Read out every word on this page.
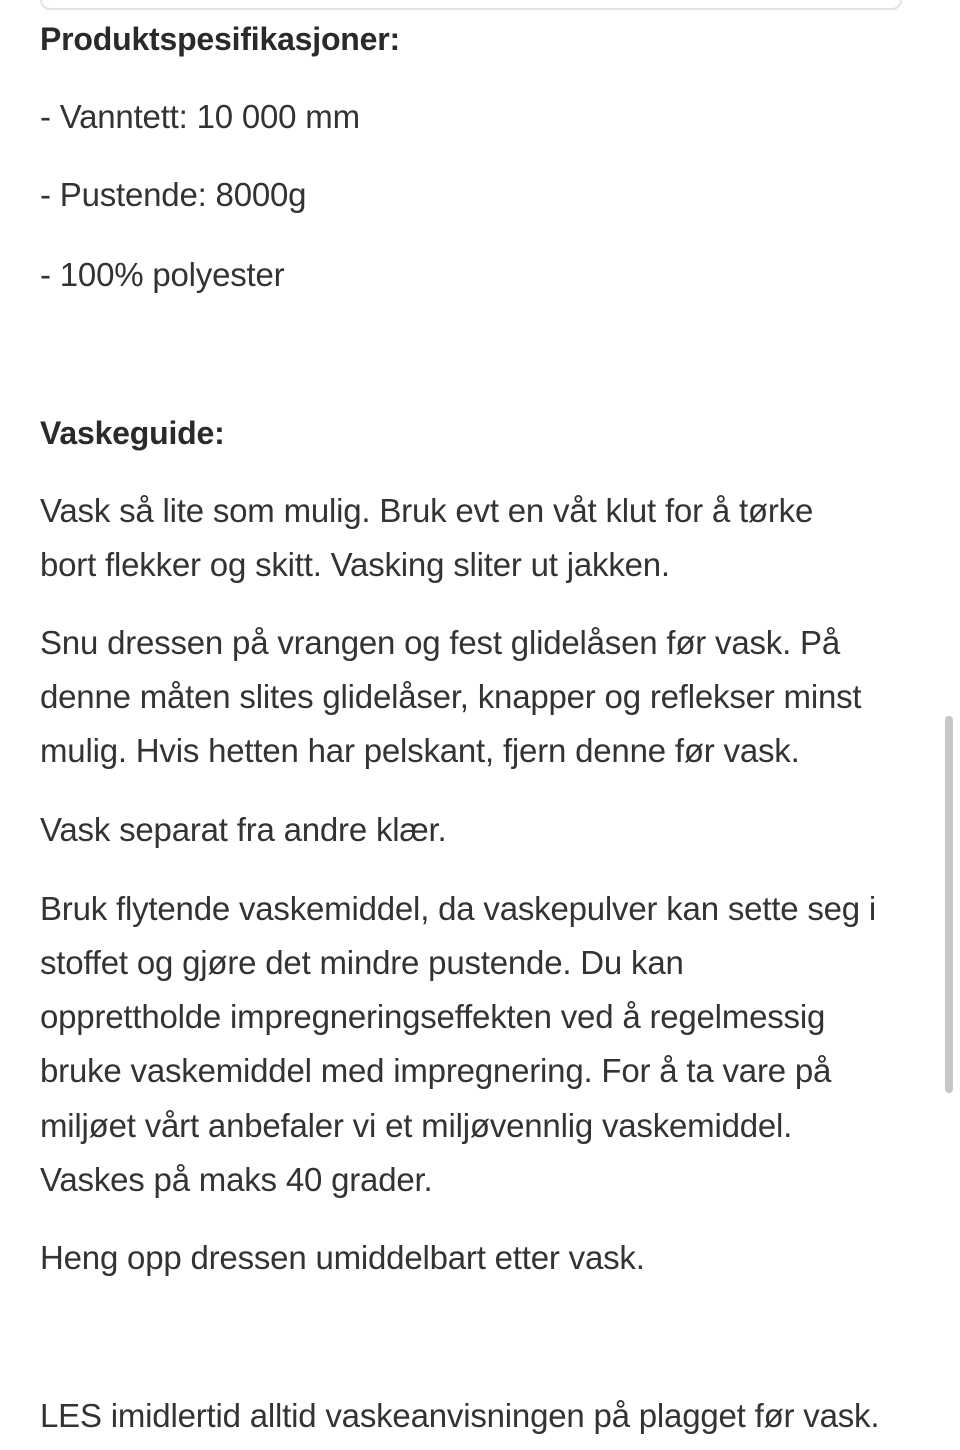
Produktspesifikasjoner:
- Vanntett: 10 000 mm
- Pustende: 8000g
- 100% polyester
Vaskeguide:
Vask så lite som mulig. Bruk evt en våt klut for å tørke
bort flekker og skitt. Vasking sliter ut jakken.
Snu dressen på vrangen og fest glidelåsen før vask. På
denne måten slites glidelåser, knapper og reflekser minst
mulig. Hvis hetten har pelskant, fjern denne før vask.
Vask separat fra andre klær.
Bruk flytende vaskemiddel, da vaskepulver kan sette seg i
stoffet og gjøre det mindre pustende. Du kan
opprettholde impregneringseffekten ved å regelmessig
bruke vaskemiddel med impregnering. For å ta vare på
miljøet vårt anbefaler vi et miljøvennlig vaskemiddel.
Vaskes på maks 40 grader.
Heng opp dressen umiddelbart etter vask.
LES imidlertid alltid vaskeanvisningen på plagget før vask.
